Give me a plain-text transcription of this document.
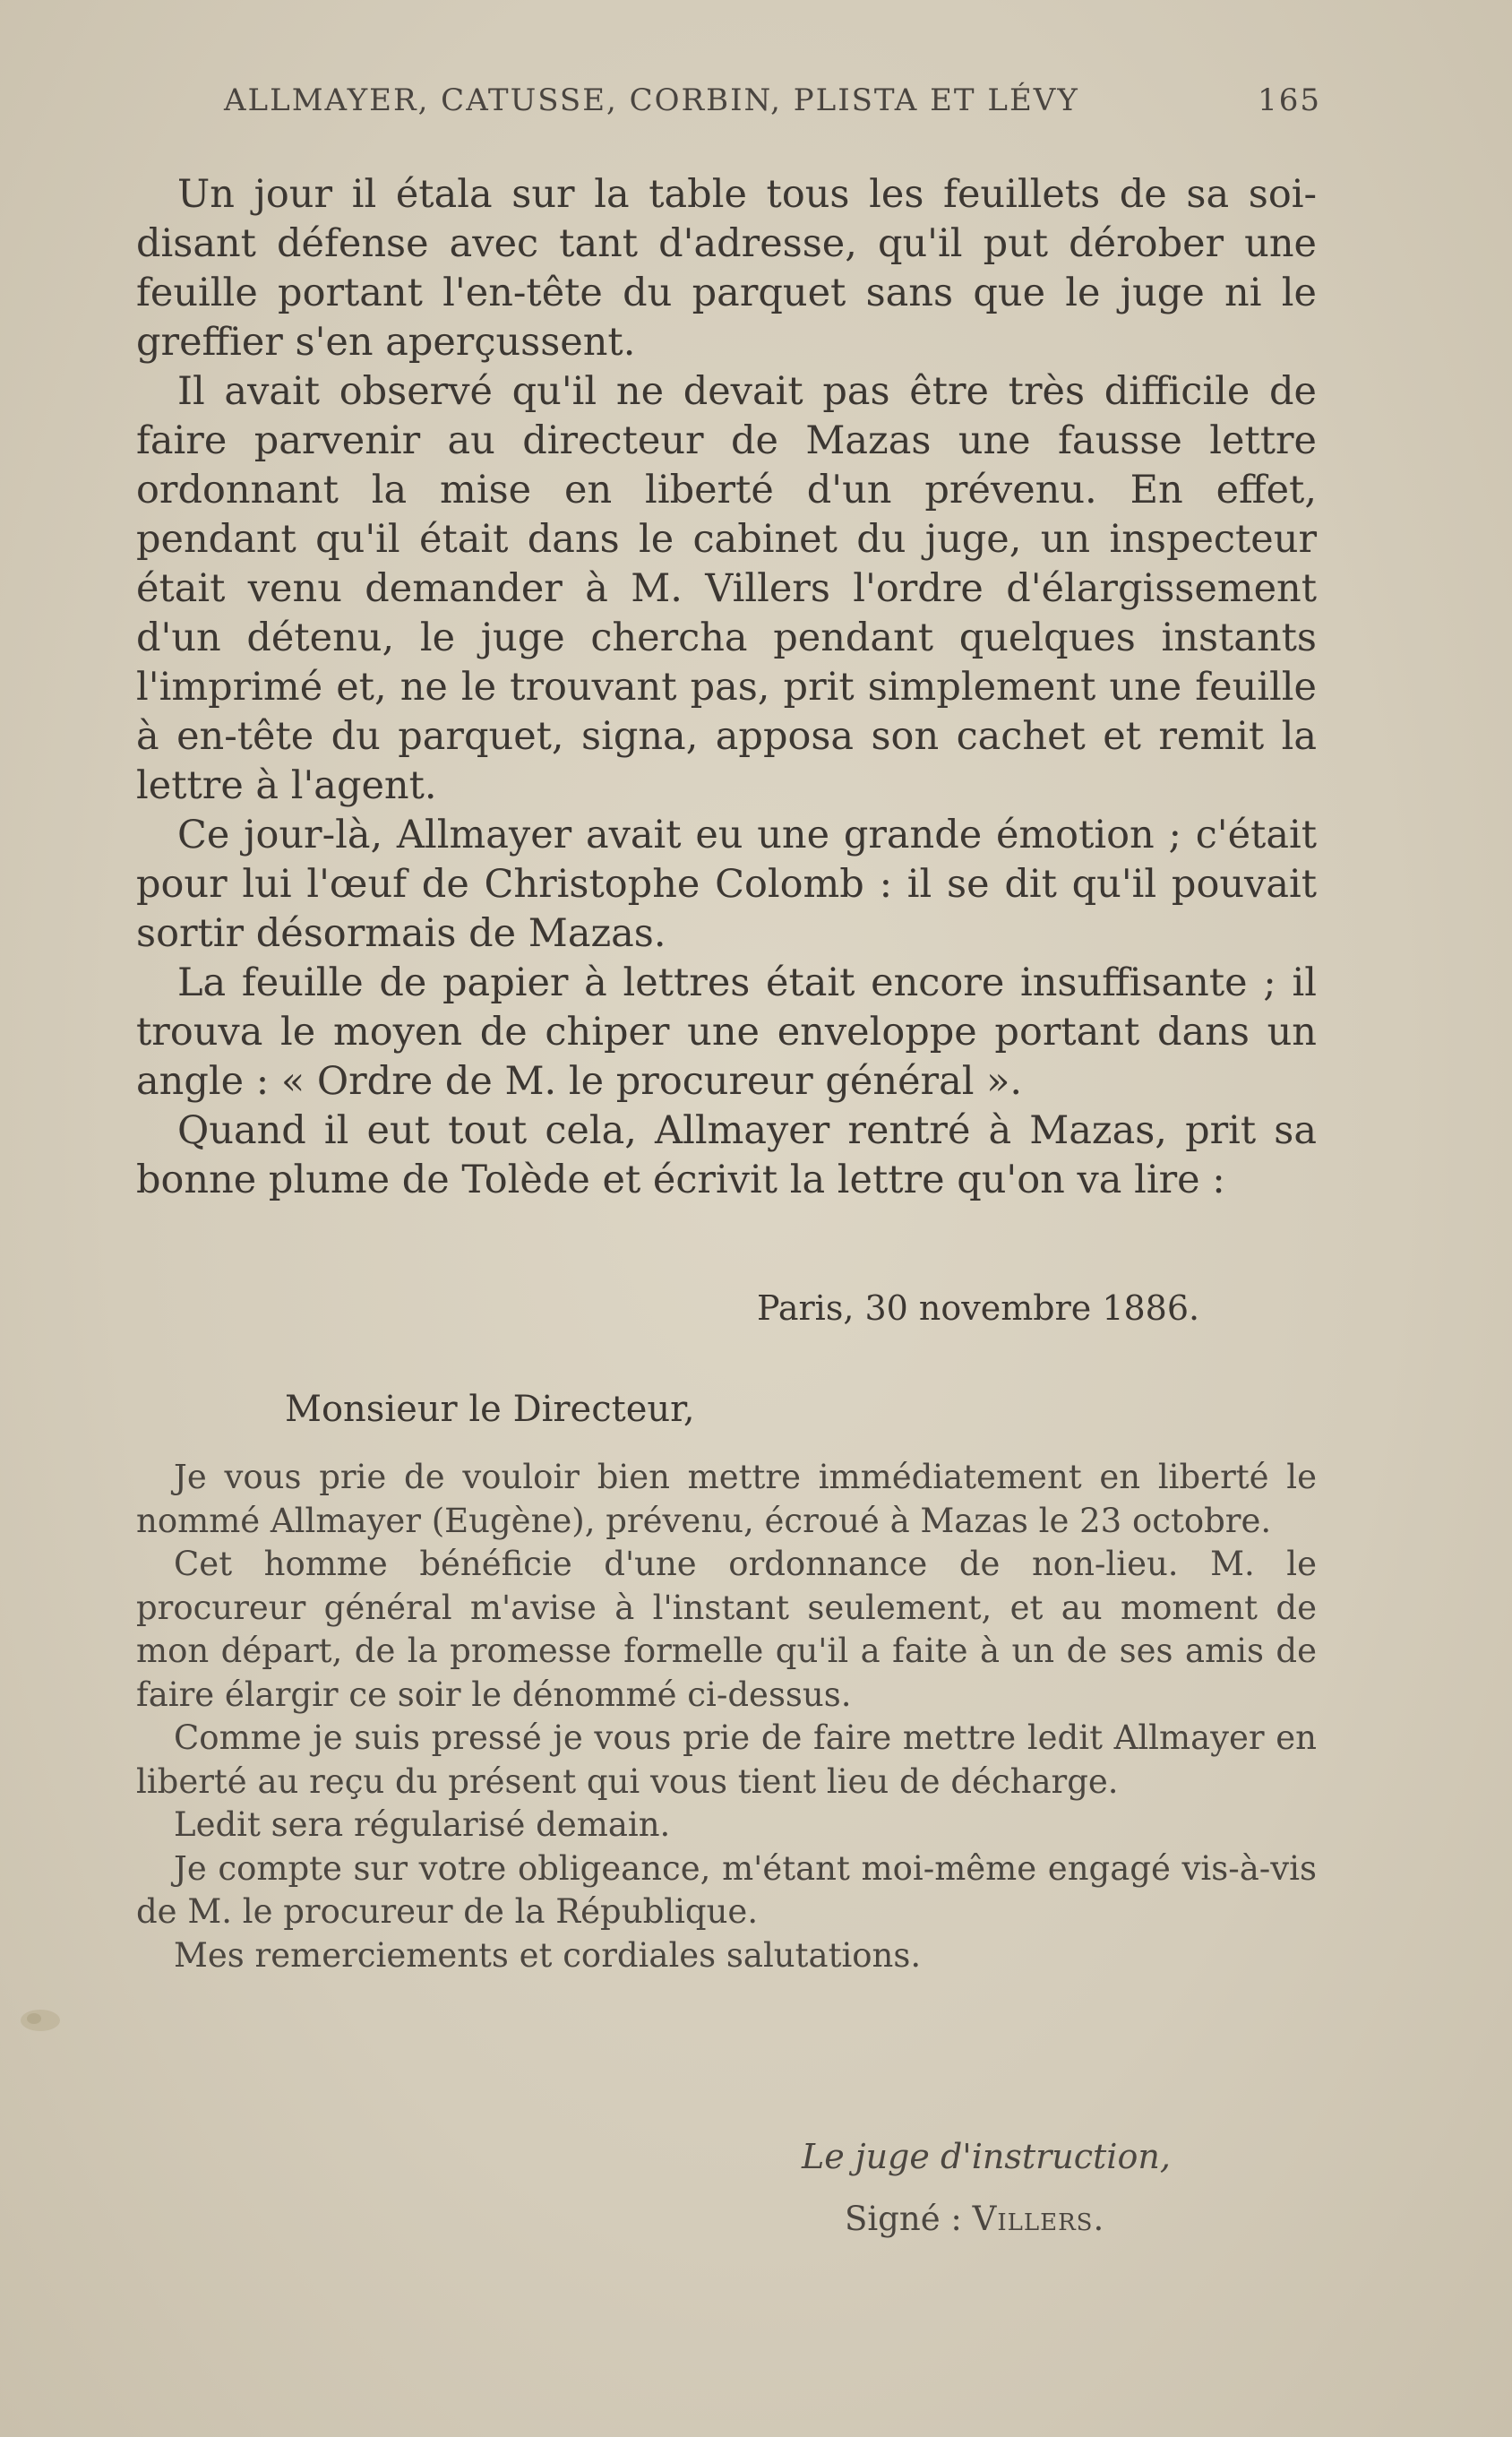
ALLMAYER, CATUSSE, CORBIN, PLISTA ET LÉVY	165

Un jour il étala sur la table tous les feuillets de sa soi-disant défense avec tant d'adresse, qu'il put dérober une feuille portant l'en-tête du parquet sans que le juge ni le greffier s'en aperçussent.

Il avait observé qu'il ne devait pas être très difficile de faire parvenir au directeur de Mazas une fausse lettre ordonnant la mise en liberté d'un prévenu. En effet, pendant qu'il était dans le cabinet du juge, un inspecteur était venu demander à M. Villers l'ordre d'élargissement d'un détenu, le juge chercha pendant quelques instants l'imprimé et, ne le trouvant pas, prit simplement une feuille à en-tête du parquet, signa, apposa son cachet et remit la lettre à l'agent.

Ce jour-là, Allmayer avait eu une grande émotion ; c'était pour lui l'œuf de Christophe Colomb : il se dit qu'il pouvait sortir désormais de Mazas.

La feuille de papier à lettres était encore insuffisante ; il trouva le moyen de chiper une enveloppe portant dans un angle : « Ordre de M. le procureur général ».

Quand il eut tout cela, Allmayer rentré à Mazas, prit sa bonne plume de Tolède et écrivit la lettre qu'on va lire :

Paris, 30 novembre 1886.
Monsieur le Directeur,

Je vous prie de vouloir bien mettre immédiatement en liberté le nommé Allmayer (Eugène), prévenu, écroué à Mazas le 23 octobre.

Cet homme bénéficie d'une ordonnance de non-lieu. M. le procureur général m'avise à l'instant seulement, et au moment de mon départ, de la promesse formelle qu'il a faite à un de ses amis de faire élargir ce soir le dénommé ci-dessus.

Comme je suis pressé je vous prie de faire mettre ledit Allmayer en liberté au reçu du présent qui vous tient lieu de décharge.

Ledit sera régularisé demain.

Je compte sur votre obligeance, m'étant moi-même engagé vis-à-vis de M. le procureur de la République.

Mes remerciements et cordiales salutations.

Le juge d'instruction,
Signé : Villers.
